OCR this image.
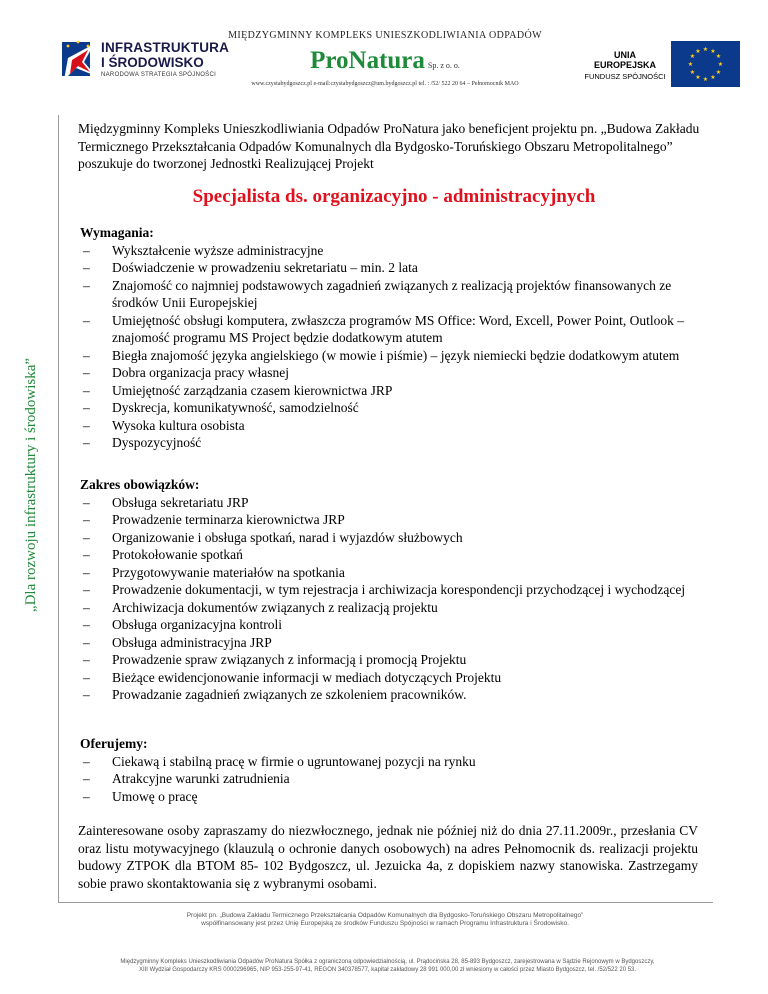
INFRASTRUKTURA
I ŚRODOWISKO
NARODOWA STRATEGIA SPÓJNOŚCI
MIĘDZYGMINNY KOMPLEKS UNIESZKODLIWIANIA ODPADÓW
ProNatura Sp. z o. o.
www.czystabydgoszcz.pl e-mail:czystabydgoszcz@um.bydgoszcz.pl tel. : /52/ 522 20 64 – Pełnomocnik MAO
UNIA EUROPEJSKA
FUNDUSZ SPÓJNOŚCI
★ ★
★
★
★
★
★
★
★
★
★
★
„Dla rozwoju infrastruktury i środowiska”
Międzygminny Kompleks Unieszkodliwiania Odpadów ProNatura jako beneficjent projektu pn. „Budowa Zakładu Termicznego Przekształcania Odpadów Komunalnych dla Bydgosko-Toruńskiego Obszaru Metropolitalnego” poszukuje do tworzonej Jednostki Realizującej Projekt
Specjalista ds. organizacyjno - administracyjnych
Wymagania:
– Wykształcenie wyższe administracyjne
– Doświadczenie w prowadzeniu sekretariatu – min. 2 lata
– Znajomość co najmniej podstawowych zagadnień związanych z realizacją projektów finansowanych ze środków Unii Europejskiej
– Umiejętność obsługi komputera, zwłaszcza programów MS Office: Word, Excell, Power Point, Outlook – znajomość programu MS Project będzie dodatkowym atutem
– Biegła znajomość języka angielskiego (w mowie i piśmie) – język niemiecki będzie dodatkowym atutem
– Dobra organizacja pracy własnej
– Umiejętność zarządzania czasem kierownictwa JRP
– Dyskrecja, komunikatywność, samodzielność
– Wysoka kultura osobista
– Dyspozycyjność
Zakres obowiązków:
– Obsługa sekretariatu JRP
– Prowadzenie terminarza kierownictwa JRP
– Organizowanie i obsługa spotkań, narad i wyjazdów służbowych
– Protokołowanie spotkań
– Przygotowywanie materiałów na spotkania
– Prowadzenie dokumentacji, w tym rejestracja i archiwizacja korespondencji przychodzącej i wychodzącej
– Archiwizacja dokumentów związanych z realizacją projektu
– Obsługa organizacyjna kontroli
– Obsługa administracyjna JRP
– Prowadzenie spraw związanych z informacją i promocją Projektu
– Bieżące ewidencjonowanie informacji w mediach dotyczących Projektu
– Prowadzanie zagadnień związanych ze szkoleniem pracowników.
Oferujemy:
– Ciekawą i stabilną pracę w firmie o ugruntowanej pozycji na rynku
– Atrakcyjne warunki zatrudnienia
– Umowę o pracę
Zainteresowane osoby zapraszamy do niezwłocznego, jednak nie później niż do dnia 27.11.2009r., przesłania CV oraz listu motywacyjnego (klauzulą o ochronie danych osobowych) na adres Pełnomocnik ds. realizacji projektu budowy ZTPOK dla BTOM 85- 102 Bydgoszcz, ul. Jezuicka 4a, z dopiskiem nazwy stanowiska. Zastrzegamy sobie prawo skontaktowania się z wybranymi osobami.
Projekt pn. „Budowa Zakładu Termicznego Przekształcania Odpadów Komunalnych dla Bydgosko-Toruńskiego Obszaru Metropolitalnego”
współfinansowany jest przez Unię Europejską ze środków Funduszu Spójności w ramach Programu Infrastruktura i Środowisko.
Międzygminny Kompleks Unieszkodliwiania Odpadów ProNatura Spółka z ograniczoną odpowiedzialnością, ul. Prądocińska 28, 85-893 Bydgoszcz, zarejestrowana w Sądzie Rejonowym w Bydgoszczy,
XIII Wydział Gospodarczy KRS 0000296965, NIP 953-255-97-41, REGON 340378577, kapitał zakładowy 28 991 000,00 zł wniesiony w całości przez Miasto Bydgoszcz, tel. /52/522 20 53.
